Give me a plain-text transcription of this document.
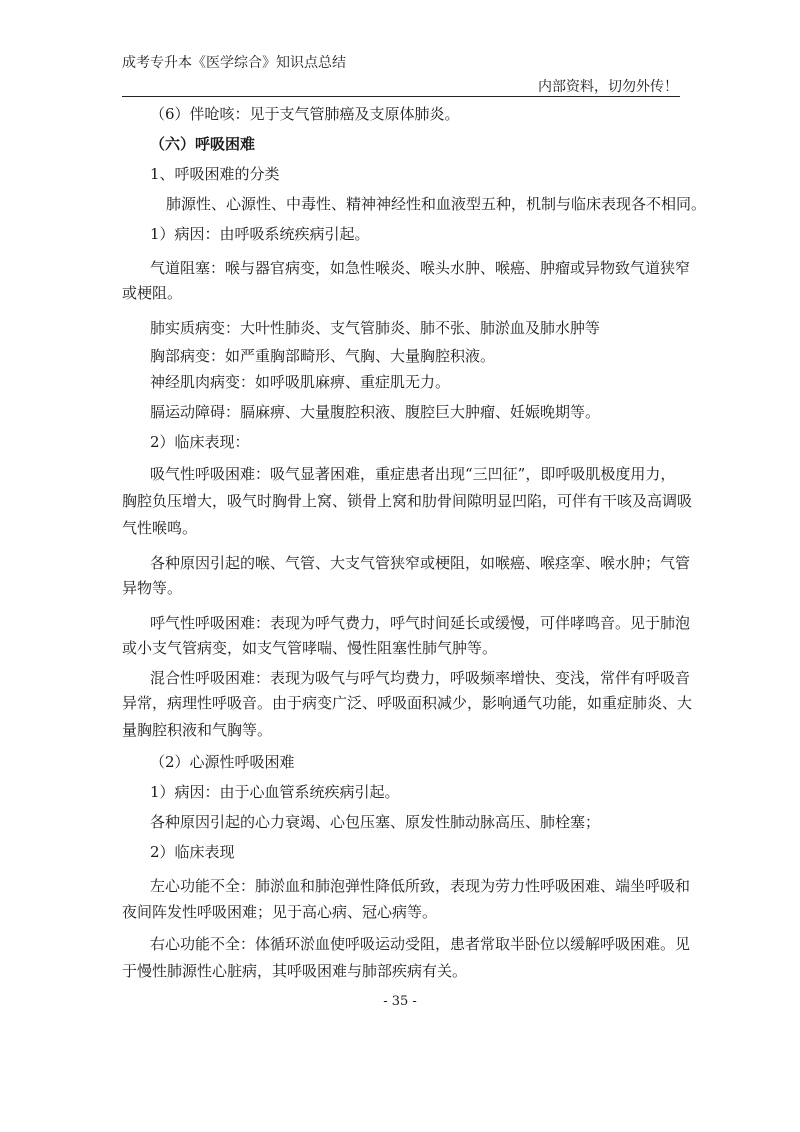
成考专升本《医学综合》知识点总结
内部资料，切勿外传！
（6）伴呛咳：见于支气管肺癌及支原体肺炎。
（六）呼吸困难
1、呼吸困难的分类
肺源性、心源性、中毒性、精神神经性和血液型五种，机制与临床表现各不相同。
1）病因：由呼吸系统疾病引起。
气道阻塞：喉与器官病变，如急性喉炎、喉头水肿、喉癌、肿瘤或异物致气道狭窄
或梗阻。
肺实质病变：大叶性肺炎、支气管肺炎、肺不张、肺淤血及肺水肿等
胸部病变：如严重胸部畸形、气胸、大量胸腔积液。
神经肌肉病变：如呼吸肌麻痹、重症肌无力。
膈运动障碍：膈麻痹、大量腹腔积液、腹腔巨大肿瘤、妊娠晚期等。
2）临床表现：
吸气性呼吸困难：吸气显著困难，重症患者出现“三凹征”，即呼吸肌极度用力，
胸腔负压增大，吸气时胸骨上窝、锁骨上窝和肋骨间隙明显凹陷，可伴有干咳及高调吸
气性喉鸣。
各种原因引起的喉、气管、大支气管狭窄或梗阻，如喉癌、喉痉挛、喉水肿；气管
异物等。
呼气性呼吸困难：表现为呼气费力，呼气时间延长或缓慢，可伴哮鸣音。见于肺泡
或小支气管病变，如支气管哮喘、慢性阻塞性肺气肿等。
混合性呼吸困难：表现为吸气与呼气均费力，呼吸频率增快、变浅，常伴有呼吸音
异常，病理性呼吸音。由于病变广泛、呼吸面积减少，影响通气功能，如重症肺炎、大
量胸腔积液和气胸等。
（2）心源性呼吸困难
1）病因：由于心血管系统疾病引起。
各种原因引起的心力衰竭、心包压塞、原发性肺动脉高压、肺栓塞；
2）临床表现
左心功能不全：肺淤血和肺泡弹性降低所致，表现为劳力性呼吸困难、端坐呼吸和
夜间阵发性呼吸困难；见于高心病、冠心病等。
右心功能不全：体循环淤血使呼吸运动受阻，患者常取半卧位以缓解呼吸困难。见
于慢性肺源性心脏病，其呼吸困难与肺部疾病有关。
- 35 -
